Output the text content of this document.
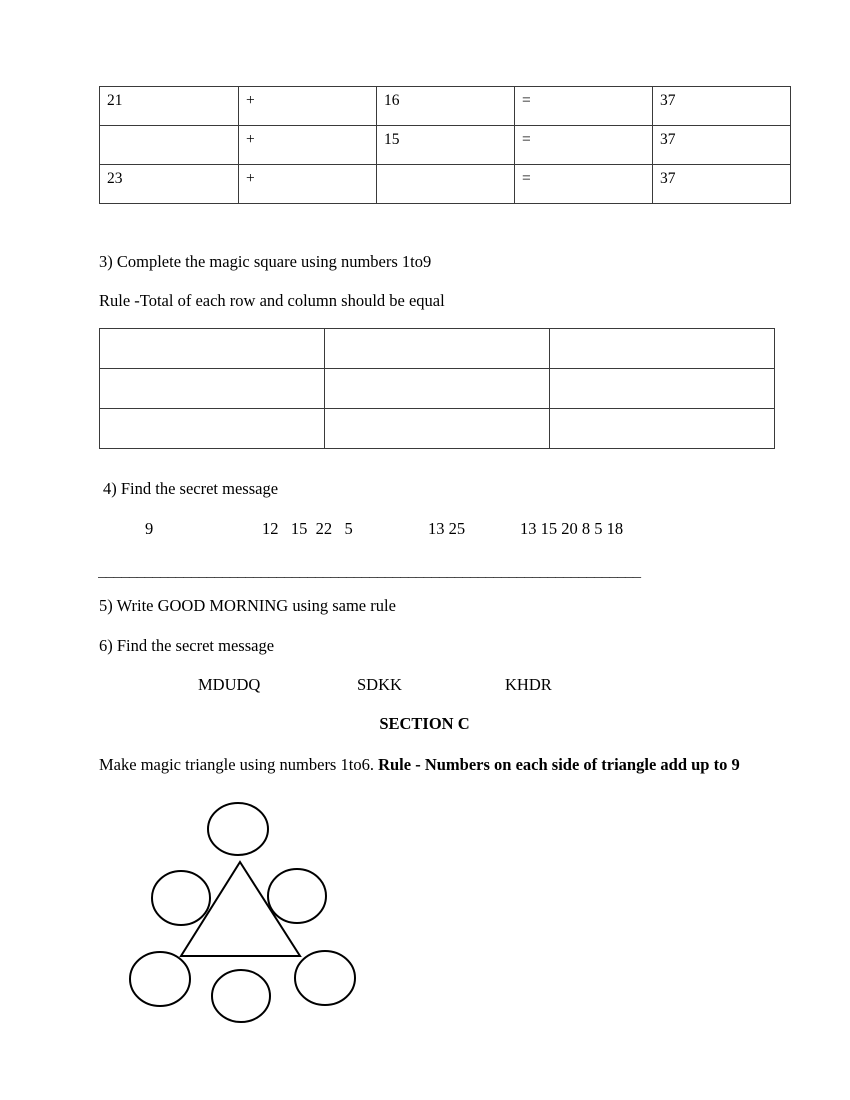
21	+	16	=	37
	+	15	=	37
23	+		=	37
3) Complete the magic square using numbers 1to9
Rule -Total of each row and column should be equal

4) Find the secret message
9	12   15  22   5	13 25	13 15 20 8 5 18
______________________________________________________________________
5) Write GOOD MORNING using same rule
6) Find the secret message
MDUDQ	SDKK	KHDR
SECTION C
Make magic triangle using numbers 1to6. Rule - Numbers on each side of triangle add up to 9
